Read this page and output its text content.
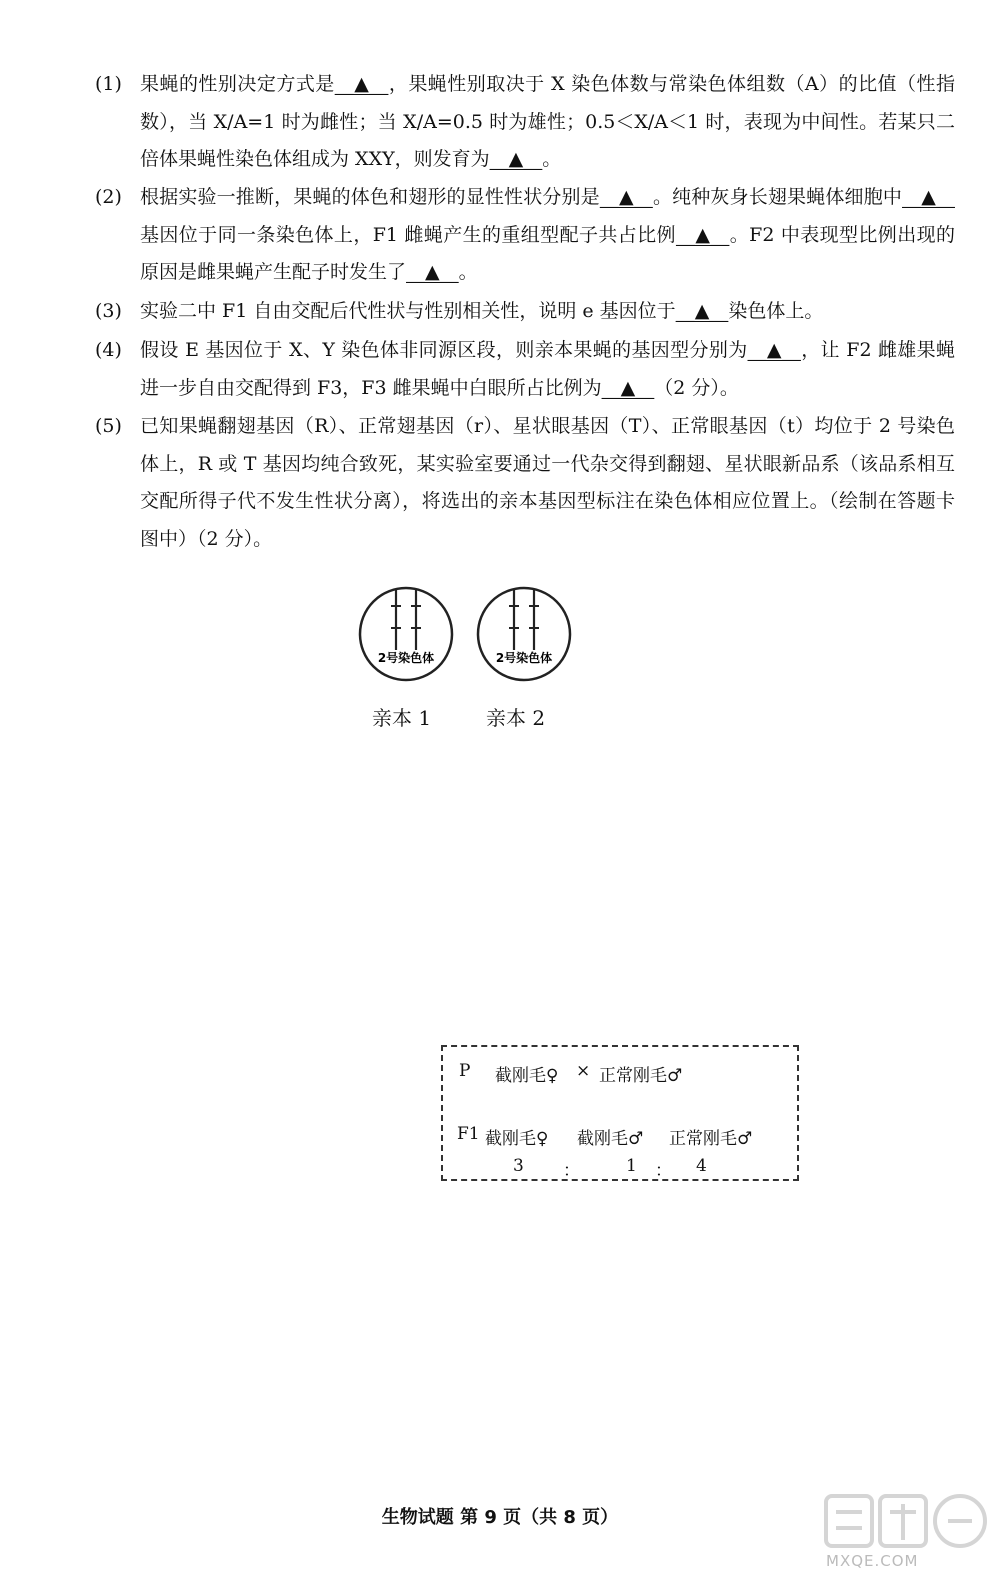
(1) 果蝇的性别决定方式是__▲__，果蝇性别取决于 X 染色体数与常染色体组数（A）的比值（性指数），当 X/A=1 时为雌性；当 X/A=0.5 时为雄性；0.5＜X/A＜1 时，表现为中间性。若某只二倍体果蝇性染色体组成为 XXY，则发育为__▲__。
(2) 根据实验一推断，果蝇的体色和翅形的显性性状分别是__▲__。纯种灰身长翅果蝇体细胞中__▲__基因位于同一条染色体上，F1 雌蝇产生的重组型配子共占比例__▲__。F2 中表现型比例出现的原因是雌果蝇产生配子时发生了__▲__。
(3) 实验二中 F1 自由交配后代性状与性别相关性，说明 e 基因位于__▲__染色体上。
(4) 假设 E 基因位于 X、Y 染色体非同源区段，则亲本果蝇的基因型分别为__▲__，让 F2 雌雄果蝇进一步自由交配得到 F3，F3 雌果蝇中白眼所占比例为__▲__（2 分）。
(5) 已知果蝇翻翅基因（R）、正常翅基因（r）、星状眼基因（T）、正常眼基因（t）均位于 2 号染色体上，R 或 T 基因均纯合致死，某实验室要通过一代杂交得到翻翅、星状眼新品系（该品系相互交配所得子代不发生性状分离），将选出的亲本基因型标注在染色体相应位置上。（绘制在答题卡图中）（2 分）。
2号染色体	2号染色体
亲本 1	亲本 2
P 截刚毛♀ × 正常刚毛♂
F1 截刚毛♀ 截刚毛♂ 正常刚毛♂
3 ：	1 ： 4
生物试题 第 9 页（共 8 页）
MXQE.COM
